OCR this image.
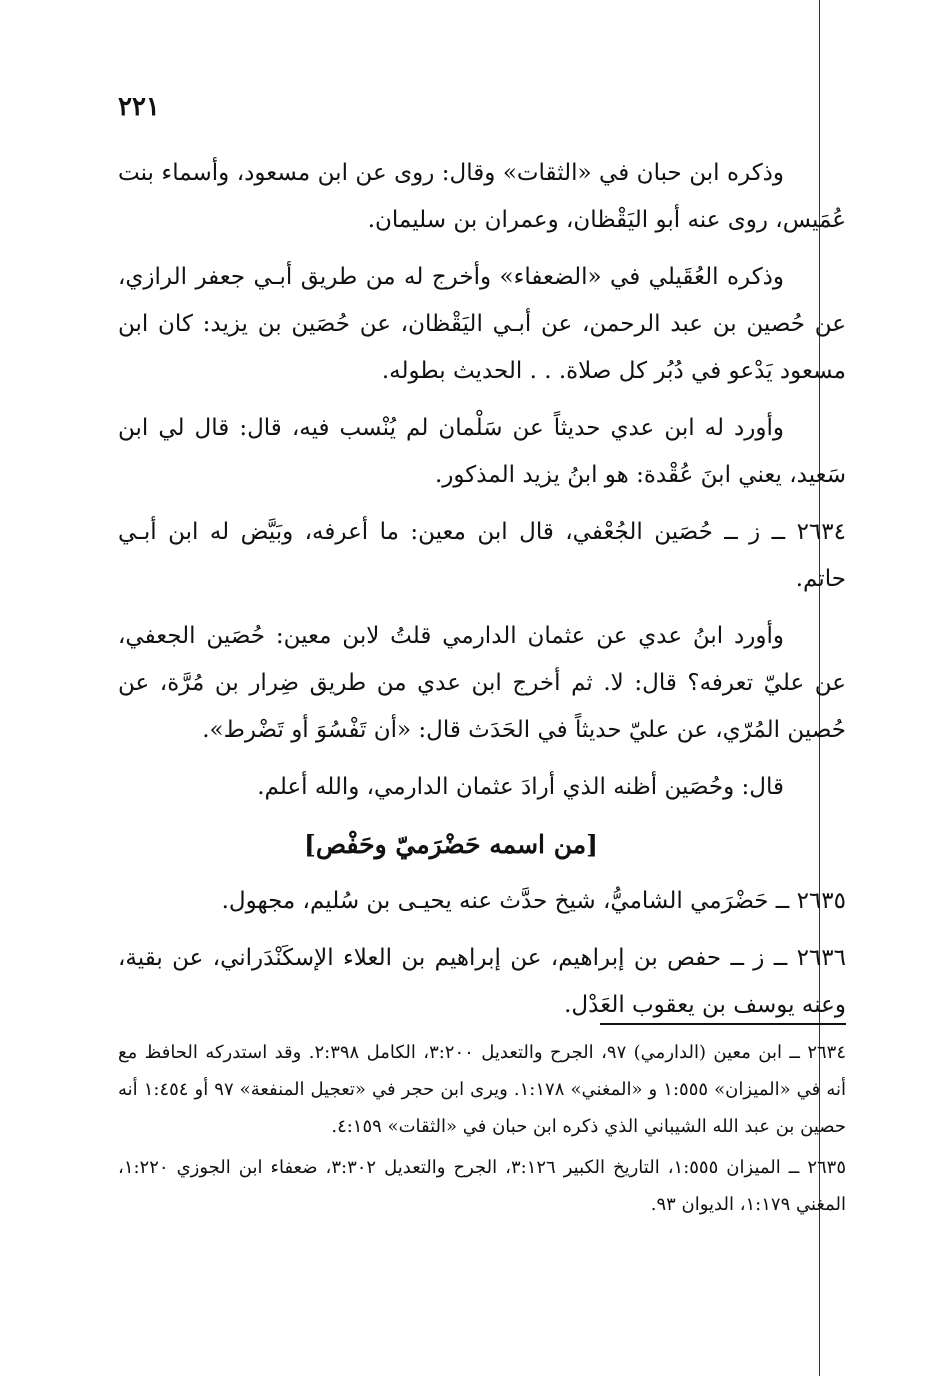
٢٢١

وذكره ابن حبان في «الثقات» وقال: روى عن ابن مسعود، وأسماء بنت عُمَيس، روى عنه أبو اليَقْظان، وعمران بن سليمان.

وذكره العُقَيلي في «الضعفاء» وأخرج له من طريق أبـي جعفر الرازي، عن حُصين بن عبد الرحمن، عن أبـي اليَقْظان، عن حُصَين بن يزيد: كان ابن مسعود يَدْعو في دُبُر كل صلاة. . . الحديث بطوله.

وأورد له ابن عدي حديثاً عن سَلْمان لم يُنْسب فيه، قال: قال لي ابن سَعيد، يعني ابنَ عُقْدة: هو ابنُ يزيد المذكور.

٢٦٣٤ ــ ز ــ حُصَين الجُعْفي، قال ابن معين: ما أعرفه، وبَيَّض له ابن أبـي حاتم.

وأورد ابنُ عدي عن عثمان الدارمي قلتُ لابن معين: حُصَين الجعفي، عن عليّ تعرفه؟ قال: لا. ثم أخرج ابن عدي من طريق ضِرار بن مُرَّة، عن حُصين المُرّي، عن عليّ حديثاً في الحَدَث قال: «أن تَفْسُوَ أو تَضْرط».

قال: وحُصَين أظنه الذي أرادَ عثمان الدارمي، والله أعلم.

[من اسمه حَضْرَميّ وحَفْص]

٢٦٣٥ ــ حَضْرَمي الشاميُّ، شيخ حدَّث عنه يحيـى بن سُليم، مجهول.

٢٦٣٦ ــ ز ــ حفص بن إبراهيم، عن إبراهيم بن العلاء الإسكَنْدَراني، عن بقية، وعنه يوسف بن يعقوب العَدْل.

٢٦٣٤ ــ ابن معين (الدارمي) ٩٧، الجرح والتعديل ٣:٢٠٠، الكامل ٢:٣٩٨. وقد استدركه الحافظ مع أنه في «الميزان» ١:٥٥٥ و «المغني» ١:١٧٨. ويرى ابن حجر في «تعجيل المنفعة» ٩٧ أو ١:٤٥٤ أنه حصين بن عبد الله الشيباني الذي ذكره ابن حبان في «الثقات» ٤:١٥٩.

٢٦٣٥ ــ الميزان ١:٥٥٥، التاريخ الكبير ٣:١٢٦، الجرح والتعديل ٣:٣٠٢، ضعفاء ابن الجوزي ١:٢٢٠، المغني ١:١٧٩، الديوان ٩٣.
